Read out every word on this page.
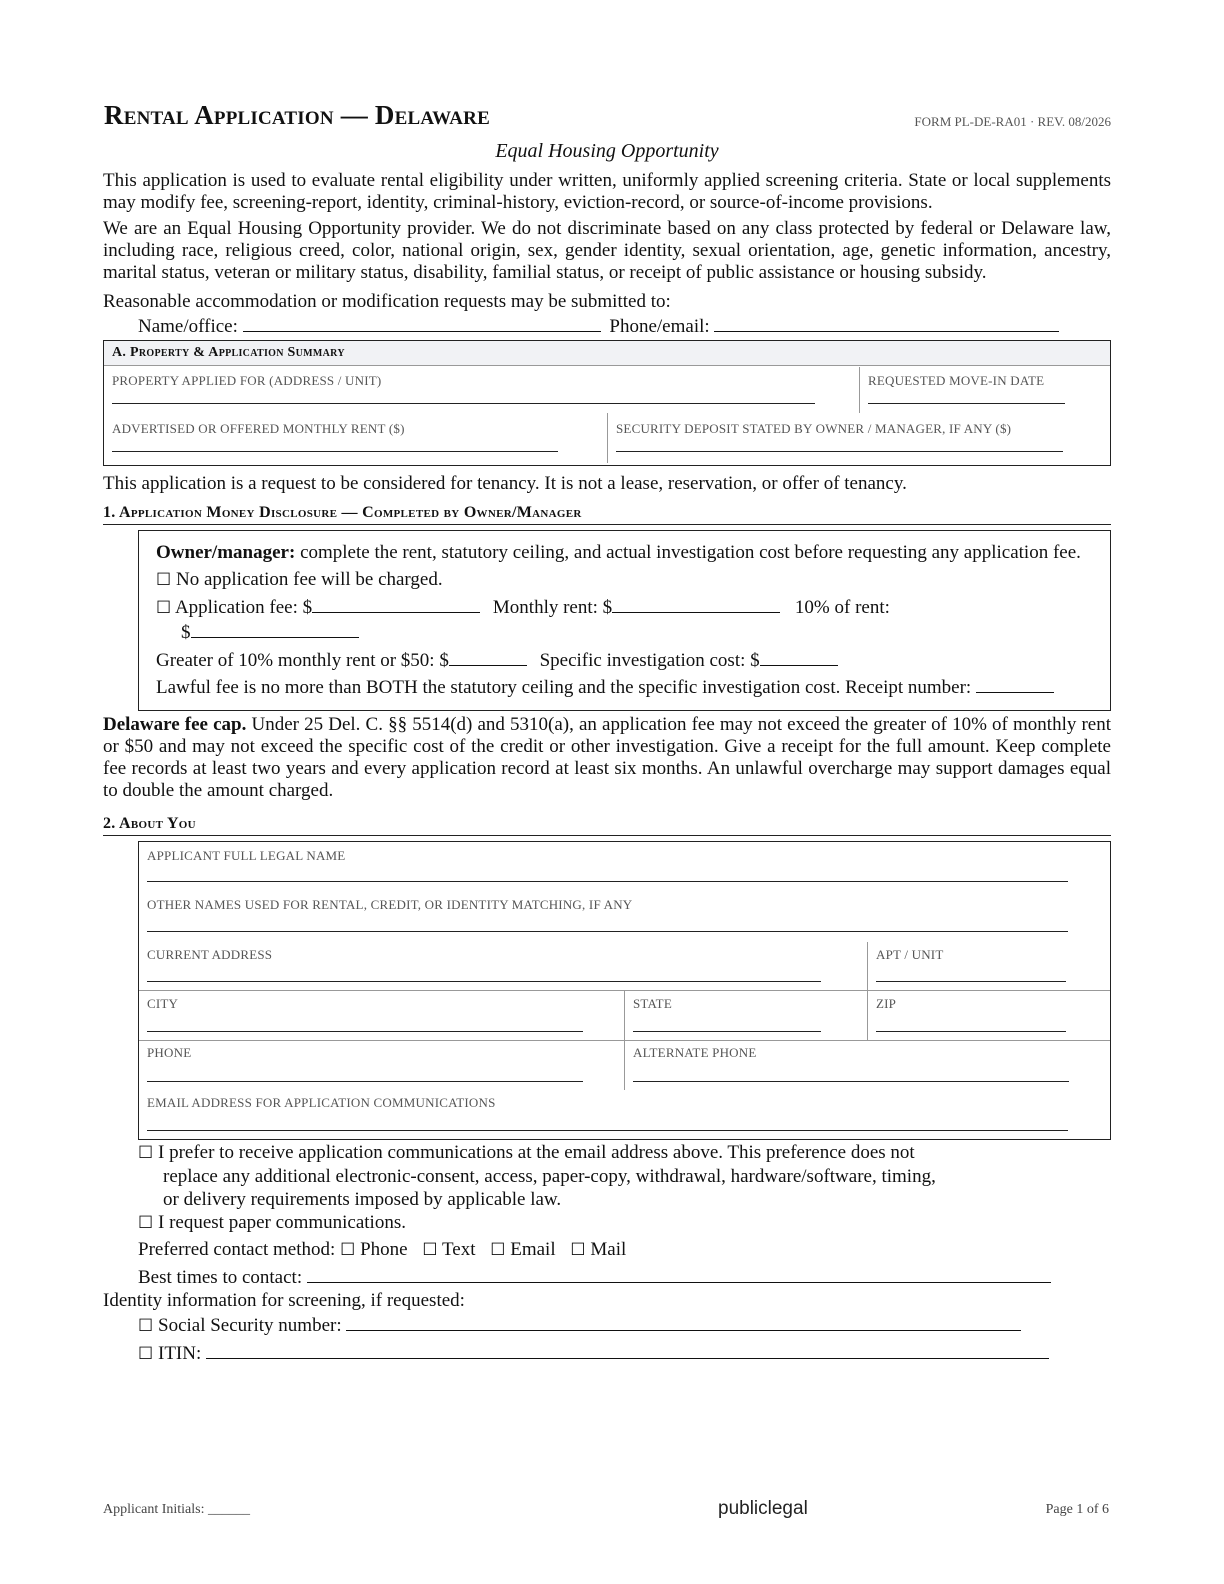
Rental Application — Delaware	FORM PL-DE-RA01 · REV. 08/2026
Equal Housing Opportunity

This application is used to evaluate rental eligibility under written, uniformly applied screening criteria. State or local supplements may modify fee, screening-report, identity, criminal-history, eviction-record, or source-of-income provisions.

We are an Equal Housing Opportunity provider. We do not discriminate based on any class protected by federal or Delaware law, including race, religious creed, color, national origin, sex, gender identity, sexual orientation, age, genetic information, ancestry, marital status, veteran or military status, disability, familial status, or receipt of public assistance or housing subsidy.

Reasonable accommodation or modification requests may be submitted to:
Name/office:	Phone/email:
A. Property & Application Summary
PROPERTY APPLIED FOR (ADDRESS / UNIT)	REQUESTED MOVE-IN DATE
ADVERTISED OR OFFERED MONTHLY RENT ($)	SECURITY DEPOSIT STATED BY OWNER / MANAGER, IF ANY ($)
This application is a request to be considered for tenancy. It is not a lease, reservation, or offer of tenancy.
1. Application Money Disclosure — Completed by Owner/Manager
Owner/manager: complete the rent, statutory ceiling, and actual investigation cost before requesting any application fee.
☐ No application fee will be charged.
☐ Application fee: $	Monthly rent: $	10% of rent:
$
Greater of 10% monthly rent or $50: $	Specific investigation cost: $
Lawful fee is no more than BOTH the statutory ceiling and the specific investigation cost. Receipt number:

Delaware fee cap. Under 25 Del. C. §§ 5514(d) and 5310(a), an application fee may not exceed the greater of 10% of monthly rent or $50 and may not exceed the specific cost of the credit or other investigation. Give a receipt for the full amount. Keep complete fee records at least two years and every application record at least six months. An unlawful overcharge may support damages equal to double the amount charged.

2. About You
APPLICANT FULL LEGAL NAME
OTHER NAMES USED FOR RENTAL, CREDIT, OR IDENTITY MATCHING, IF ANY
CURRENT ADDRESS	APT / UNIT
CITY	STATE	ZIP
PHONE	ALTERNATE PHONE
EMAIL ADDRESS FOR APPLICATION COMMUNICATIONS
☐ I prefer to receive application communications at the email address above. This preference does not
replace any additional electronic-consent, access, paper-copy, withdrawal, hardware/software, timing,
or delivery requirements imposed by applicable law.
☐ I request paper communications.
Preferred contact method: ☐ Phone ☐ Text ☐ Email ☐ Mail
Best times to contact:
Identity information for screening, if requested:
☐ Social Security number:
☐ ITIN:
Applicant Initials: ______	publiclegal	Page 1 of 6
